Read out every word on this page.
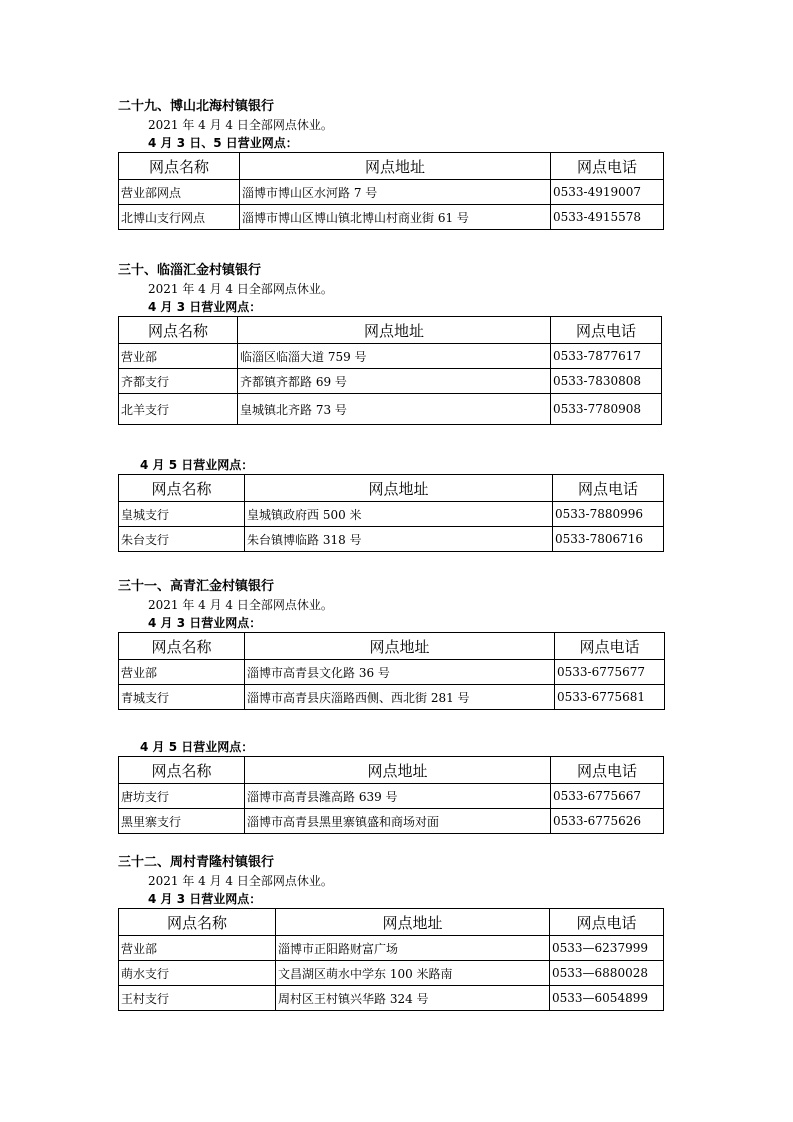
二十九、博山北海村镇银行
2021 年 4 月 4 日全部网点休业。
4 月 3 日、5 日营业网点：
网点名称	网点地址	网点电话
营业部网点	淄博市博山区水河路 7 号	0533-4919007
北博山支行网点	淄博市博山区博山镇北博山村商业街 61 号	0533-4915578
三十、临淄汇金村镇银行
2021 年 4 月 4 日全部网点休业。
4 月 3 日营业网点：
网点名称	网点地址	网点电话
营业部	临淄区临淄大道 759 号	0533-7877617
齐都支行	齐都镇齐都路 69 号	0533-7830808
北羊支行	皇城镇北齐路 73 号	0533-7780908
4 月 5 日营业网点：
网点名称	网点地址	网点电话
皇城支行	皇城镇政府西 500 米	0533-7880996
朱台支行	朱台镇博临路 318 号	0533-7806716
三十一、高青汇金村镇银行
2021 年 4 月 4 日全部网点休业。
4 月 3 日营业网点：
网点名称	网点地址	网点电话
营业部	淄博市高青县文化路 36 号	0533-6775677
青城支行	淄博市高青县庆淄路西侧、西北街 281 号	0533-6775681
4 月 5 日营业网点：
网点名称	网点地址	网点电话
唐坊支行	淄博市高青县潍高路 639 号	0533-6775667
黑里寨支行	淄博市高青县黑里寨镇盛和商场对面	0533-6775626
三十二、周村青隆村镇银行
2021 年 4 月 4 日全部网点休业。
4 月 3 日营业网点：
网点名称	网点地址	网点电话
营业部	淄博市正阳路财富广场	0533—6237999
萌水支行	文昌湖区萌水中学东 100 米路南	0533—6880028
王村支行	周村区王村镇兴华路 324 号	0533—6054899
